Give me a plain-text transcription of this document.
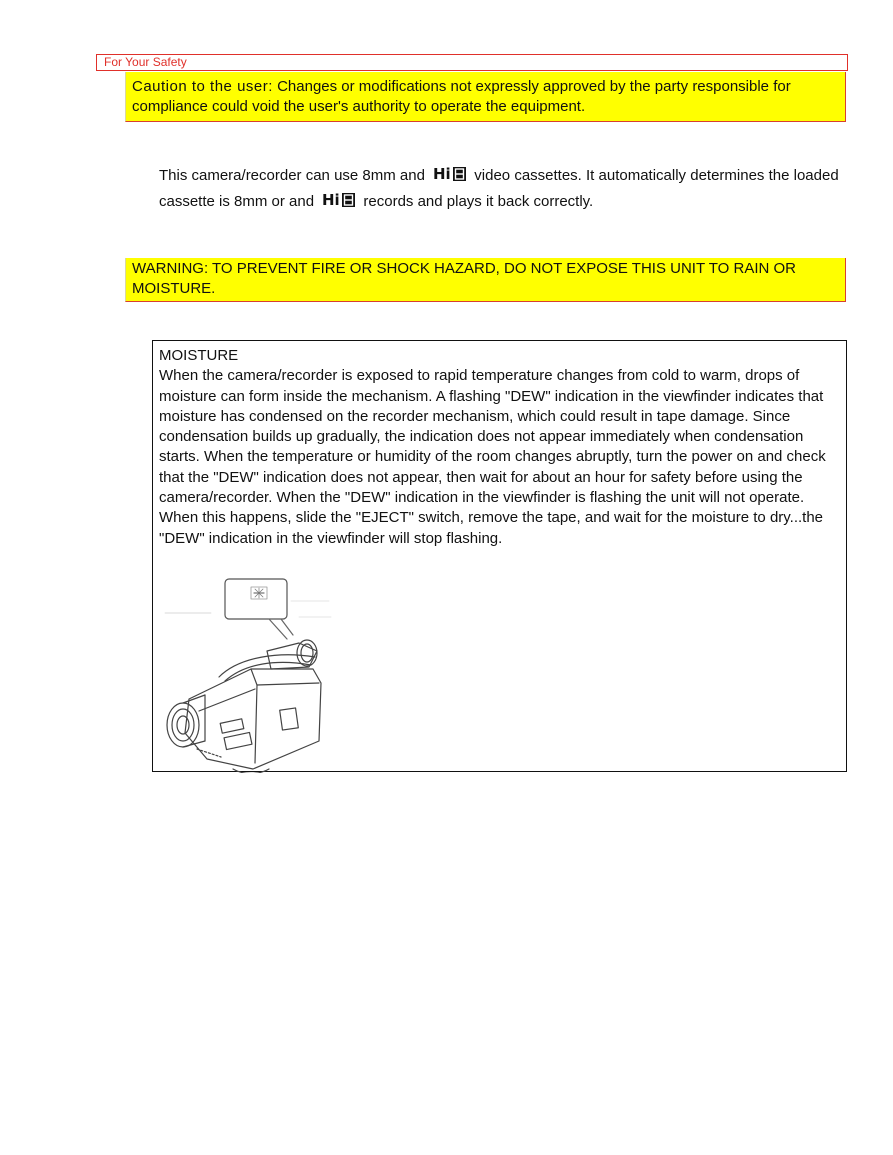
For Your Safety
Caution to the user: Changes or modifications not expressly approved by the party responsible for compliance could void the user's authority to operate the equipment.
This camera/recorder can use 8mm and Hi video cassettes. It automatically determines the loaded cassette is 8mm or and Hi records and plays it back correctly.
WARNING: TO PREVENT FIRE OR SHOCK HAZARD, DO NOT EXPOSE THIS UNIT TO RAIN OR MOISTURE.

MOISTURE

When the camera/recorder is exposed to rapid temperature changes from cold to warm, drops of moisture can form inside the mechanism. A flashing "DEW" indication in the viewfinder indicates that moisture has condensed on the recorder mechanism, which could result in tape damage. Since condensation builds up gradually, the indication does not appear immediately when condensation starts. When the temperature or humidity of the room changes abruptly, turn the power on and check that the "DEW" indication does not appear, then wait for about an hour for safety before using the camera/recorder. When the "DEW" indication in the viewfinder is flashing the unit will not operate. When this happens, slide the "EJECT" switch, remove the tape, and wait for the moisture to dry...the "DEW" indication in the viewfinder will stop flashing.
